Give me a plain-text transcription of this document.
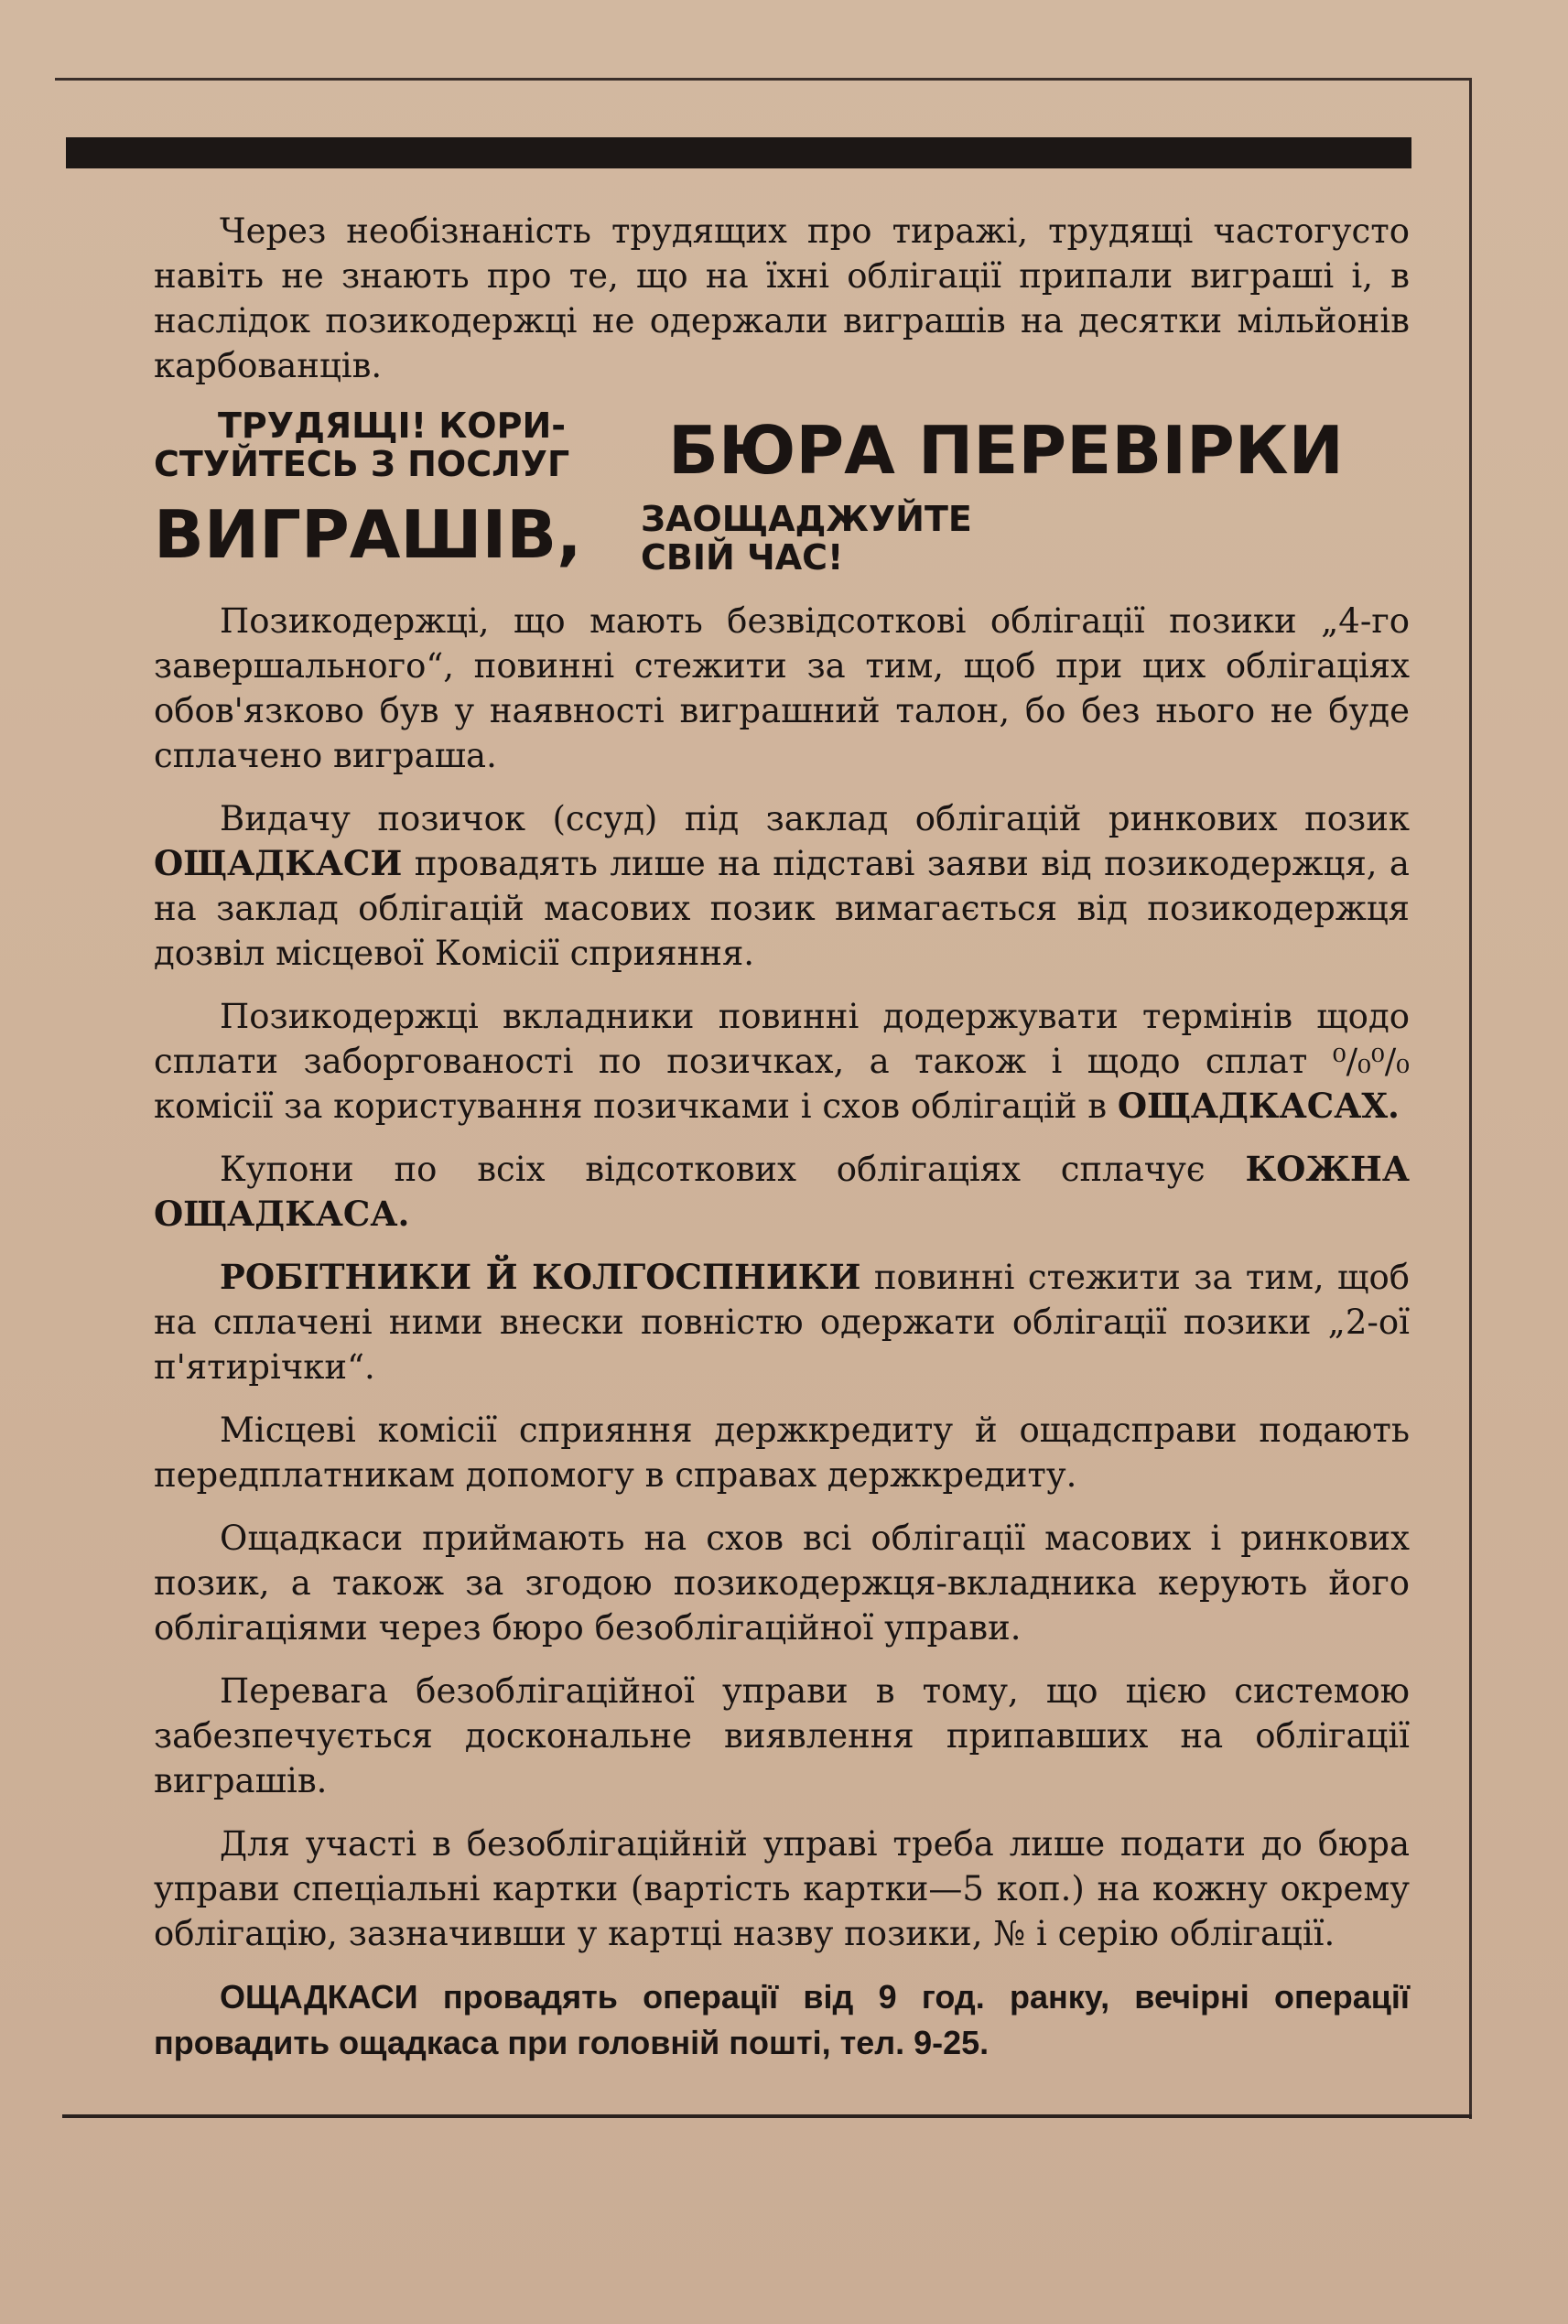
Через необізнаність трудящих про тиражі, трудящі частогусто навіть не знають про те, що на їхні облігації припали виграші і, в наслідок позикодержці не одержали виграшів на десятки мільйонів карбованців.

ТРУДЯЩІ! КОРИ-
СТУЙТЕСЬ З ПОСЛУГ БЮРА ПЕРЕВІРКИ
ВИГРАШІВ, ЗАОЩАДЖУЙТЕ
СВІЙ ЧАС!

Позикодержці, що мають безвідсоткові облігації позики „4-го завершального“, повинні стежити за тим, щоб при цих облігаціях обов'язково був у наявності виграшний талон, бо без нього не буде сплачено виграша.

Видачу позичок (ссуд) під заклад облігацій ринкових позик ОЩАДКАСИ провадять лише на підставі заяви від позикодержця, а на заклад облігацій масових позик вимагається від позикодержця дозвіл місцевої Комісії сприяння.

Позикодержці вкладники повинні додержувати термінів щодо сплати заборгованості по позичках, а також і щодо сплат ⁰/₀⁰/₀ комісії за користування позичками і схов облігацій в ОЩАДКАСАХ.

Купони по всіх відсоткових облігаціях сплачує КОЖНА ОЩАДКАСА.

РОБІТНИКИ Й КОЛГОСПНИКИ повинні стежити за тим, щоб на сплачені ними внески повністю одержати облігації позики „2-ої п'ятирічки“.

Місцеві комісії сприяння держкредиту й ощадсправи подають передплатникам допомогу в справах держкредиту.

Ощадкаси приймають на схов всі облігації масових і ринкових позик, а також за згодою позикодержця-вкладника керують його облігаціями через бюро безоблігаційної управи.

Перевага безоблігаційної управи в тому, що цією системою забезпечується доскональне виявлення припавших на облігації виграшів.

Для участі в безоблігаційній управі треба лише подати до бюра управи спеціальні картки (вартість картки—5 коп.) на кожну окрему облігацію, зазначивши у картці назву позики, № і серію облігації.

ОЩАДКАСИ провадять операції від 9 год. ранку, вечірні операції провадить ощадкаса при головній пошті, тел. 9-25.
